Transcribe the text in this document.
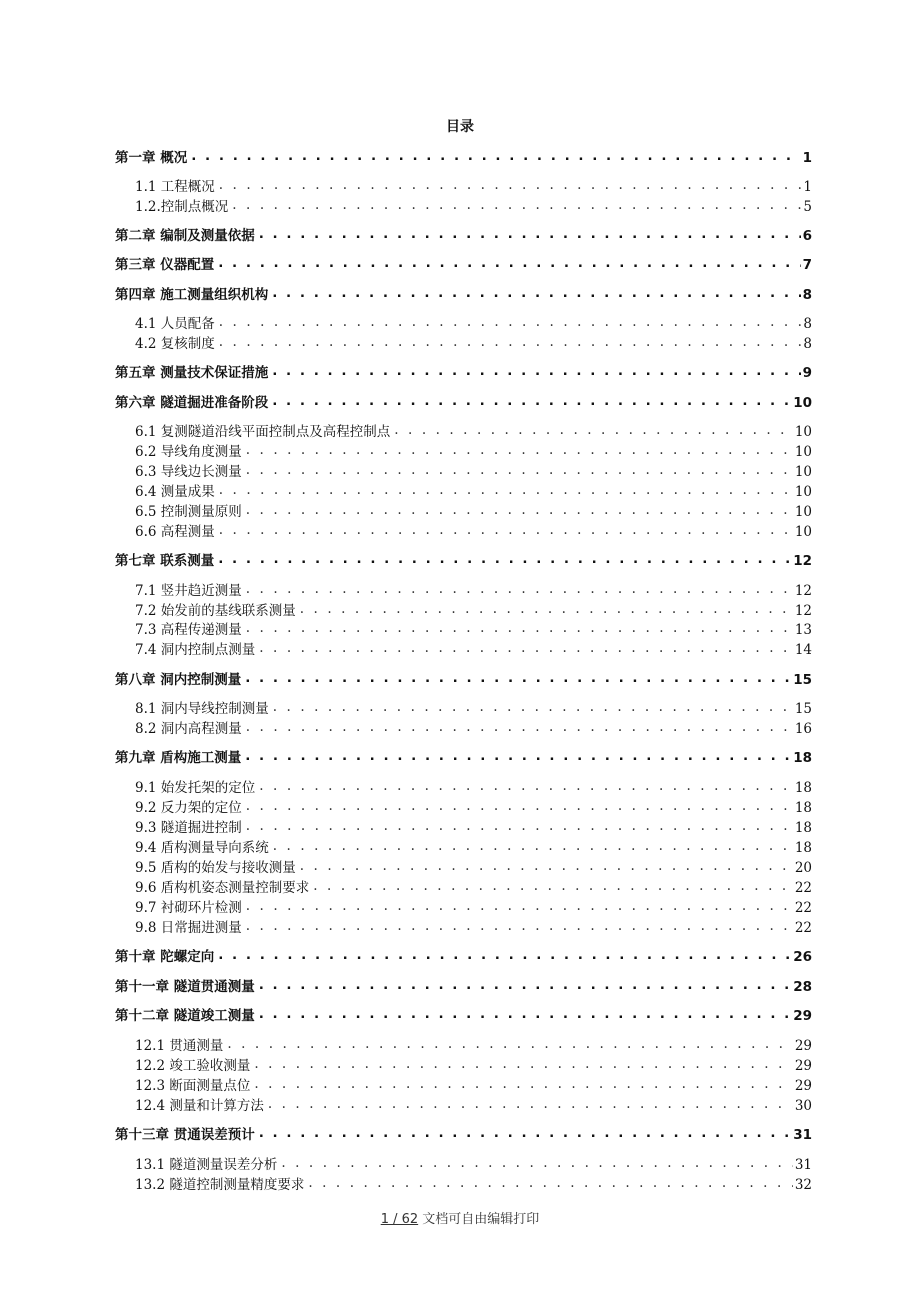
目录
第一章 概况 . . .	1
1.1 工程概况 . . .	1
1.2.控制点概况 . . .	5
第二章 编制及测量依据 . . .	6
第三章 仪器配置 . . .	7
第四章 施工测量组织机构 . . .	8
4.1 人员配备 . . .	8
4.2 复核制度 . . .	8
第五章 测量技术保证措施 . . .	9
第六章 隧道掘进准备阶段 . . .	10
6.1 复测隧道沿线平面控制点及高程控制点 . . .	10
6.2 导线角度测量 . . .	10
6.3 导线边长测量 . . .	10
6.4 测量成果 . . .	10
6.5 控制测量原则 . . .	10
6.6 高程测量 . . .	10
第七章 联系测量 . . .	12
7.1 竖井趋近测量 . . .	12
7.2 始发前的基线联系测量 . . .	12
7.3 高程传递测量 . . .	13
7.4 洞内控制点测量 . . .	14
第八章 洞内控制测量 . . .	15
8.1 洞内导线控制测量 . . .	15
8.2 洞内高程测量 . . .	16
第九章 盾构施工测量 . . .	18
9.1 始发托架的定位 . . .	18
9.2 反力架的定位 . . .	18
9.3 隧道掘进控制 . . .	18
9.4 盾构测量导向系统 . . .	18
9.5 盾构的始发与接收测量 . . .	20
9.6 盾构机姿态测量控制要求 . . .	22
9.7 衬砌环片检测 . . .	22
9.8 日常掘进测量 . . .	22
第十章 陀螺定向 . . .	26
第十一章 隧道贯通测量 . . .	28
第十二章 隧道竣工测量 . . .	29
12.1 贯通测量 . . .	29
12.2 竣工验收测量 . . .	29
12.3 断面测量点位 . . .	29
12.4 测量和计算方法 . . .	30
第十三章 贯通误差预计 . . .	31
13.1 隧道测量误差分析 . . .	31
13.2 隧道控制测量精度要求 . . .	32
1 / 62 文档可自由编辑打印
